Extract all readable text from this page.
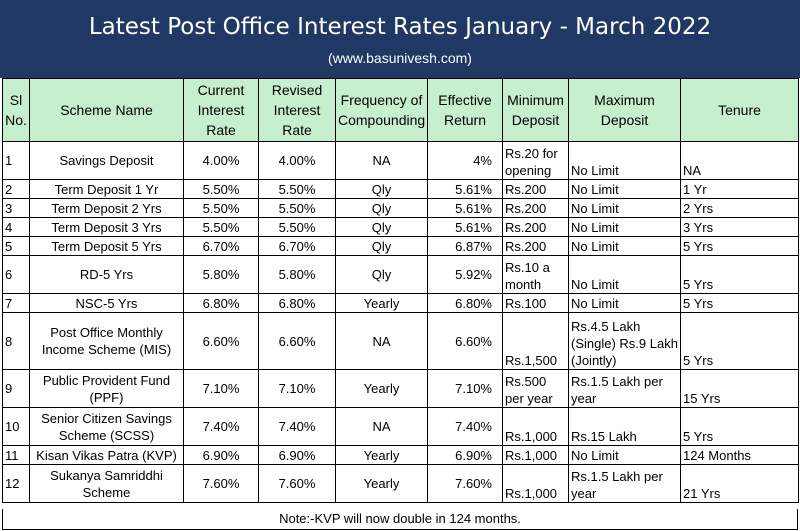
Latest Post Office Interest Rates January - March 2022
(www.basunivesh.com)
Sl No.	Scheme Name	Current Interest Rate	Revised Interest Rate	Frequency of Compounding	Effective Return	Minimum Deposit	Maximum Deposit	Tenure
1	Savings Deposit	4.00%	4.00%	NA	4%	Rs.20 for opening	No Limit	NA
2	Term Deposit 1 Yr	5.50%	5.50%	Qly	5.61%	Rs.200	No Limit	1 Yr
3	Term Deposit 2 Yrs	5.50%	5.50%	Qly	5.61%	Rs.200	No Limit	2 Yrs
4	Term Deposit 3 Yrs	5.50%	5.50%	Qly	5.61%	Rs.200	No Limit	3 Yrs
5	Term Deposit 5 Yrs	6.70%	6.70%	Qly	6.87%	Rs.200	No Limit	5 Yrs
6	RD-5 Yrs	5.80%	5.80%	Qly	5.92%	Rs.10 a month	No Limit	5 Yrs
7	NSC-5 Yrs	6.80%	6.80%	Yearly	6.80%	Rs.100	No Limit	5 Yrs
8	Post Office Monthly Income Scheme (MIS)	6.60%	6.60%	NA	6.60%	Rs.1,500	Rs.4.5 Lakh (Single) Rs.9 Lakh (Jointly)	5 Yrs
9	Public Provident Fund (PPF)	7.10%	7.10%	Yearly	7.10%	Rs.500 per year	Rs.1.5 Lakh per year	15 Yrs
10	Senior Citizen Savings Scheme (SCSS)	7.40%	7.40%	NA	7.40%	Rs.1,000	Rs.15 Lakh	5 Yrs
11	Kisan Vikas Patra (KVP)	6.90%	6.90%	Yearly	6.90%	Rs.1,000	No Limit	124 Months
12	Sukanya Samriddhi Scheme	7.60%	7.60%	Yearly	7.60%	Rs.1,000	Rs.1.5 Lakh per year	21 Yrs
Note:-KVP will now double in 124 months.
